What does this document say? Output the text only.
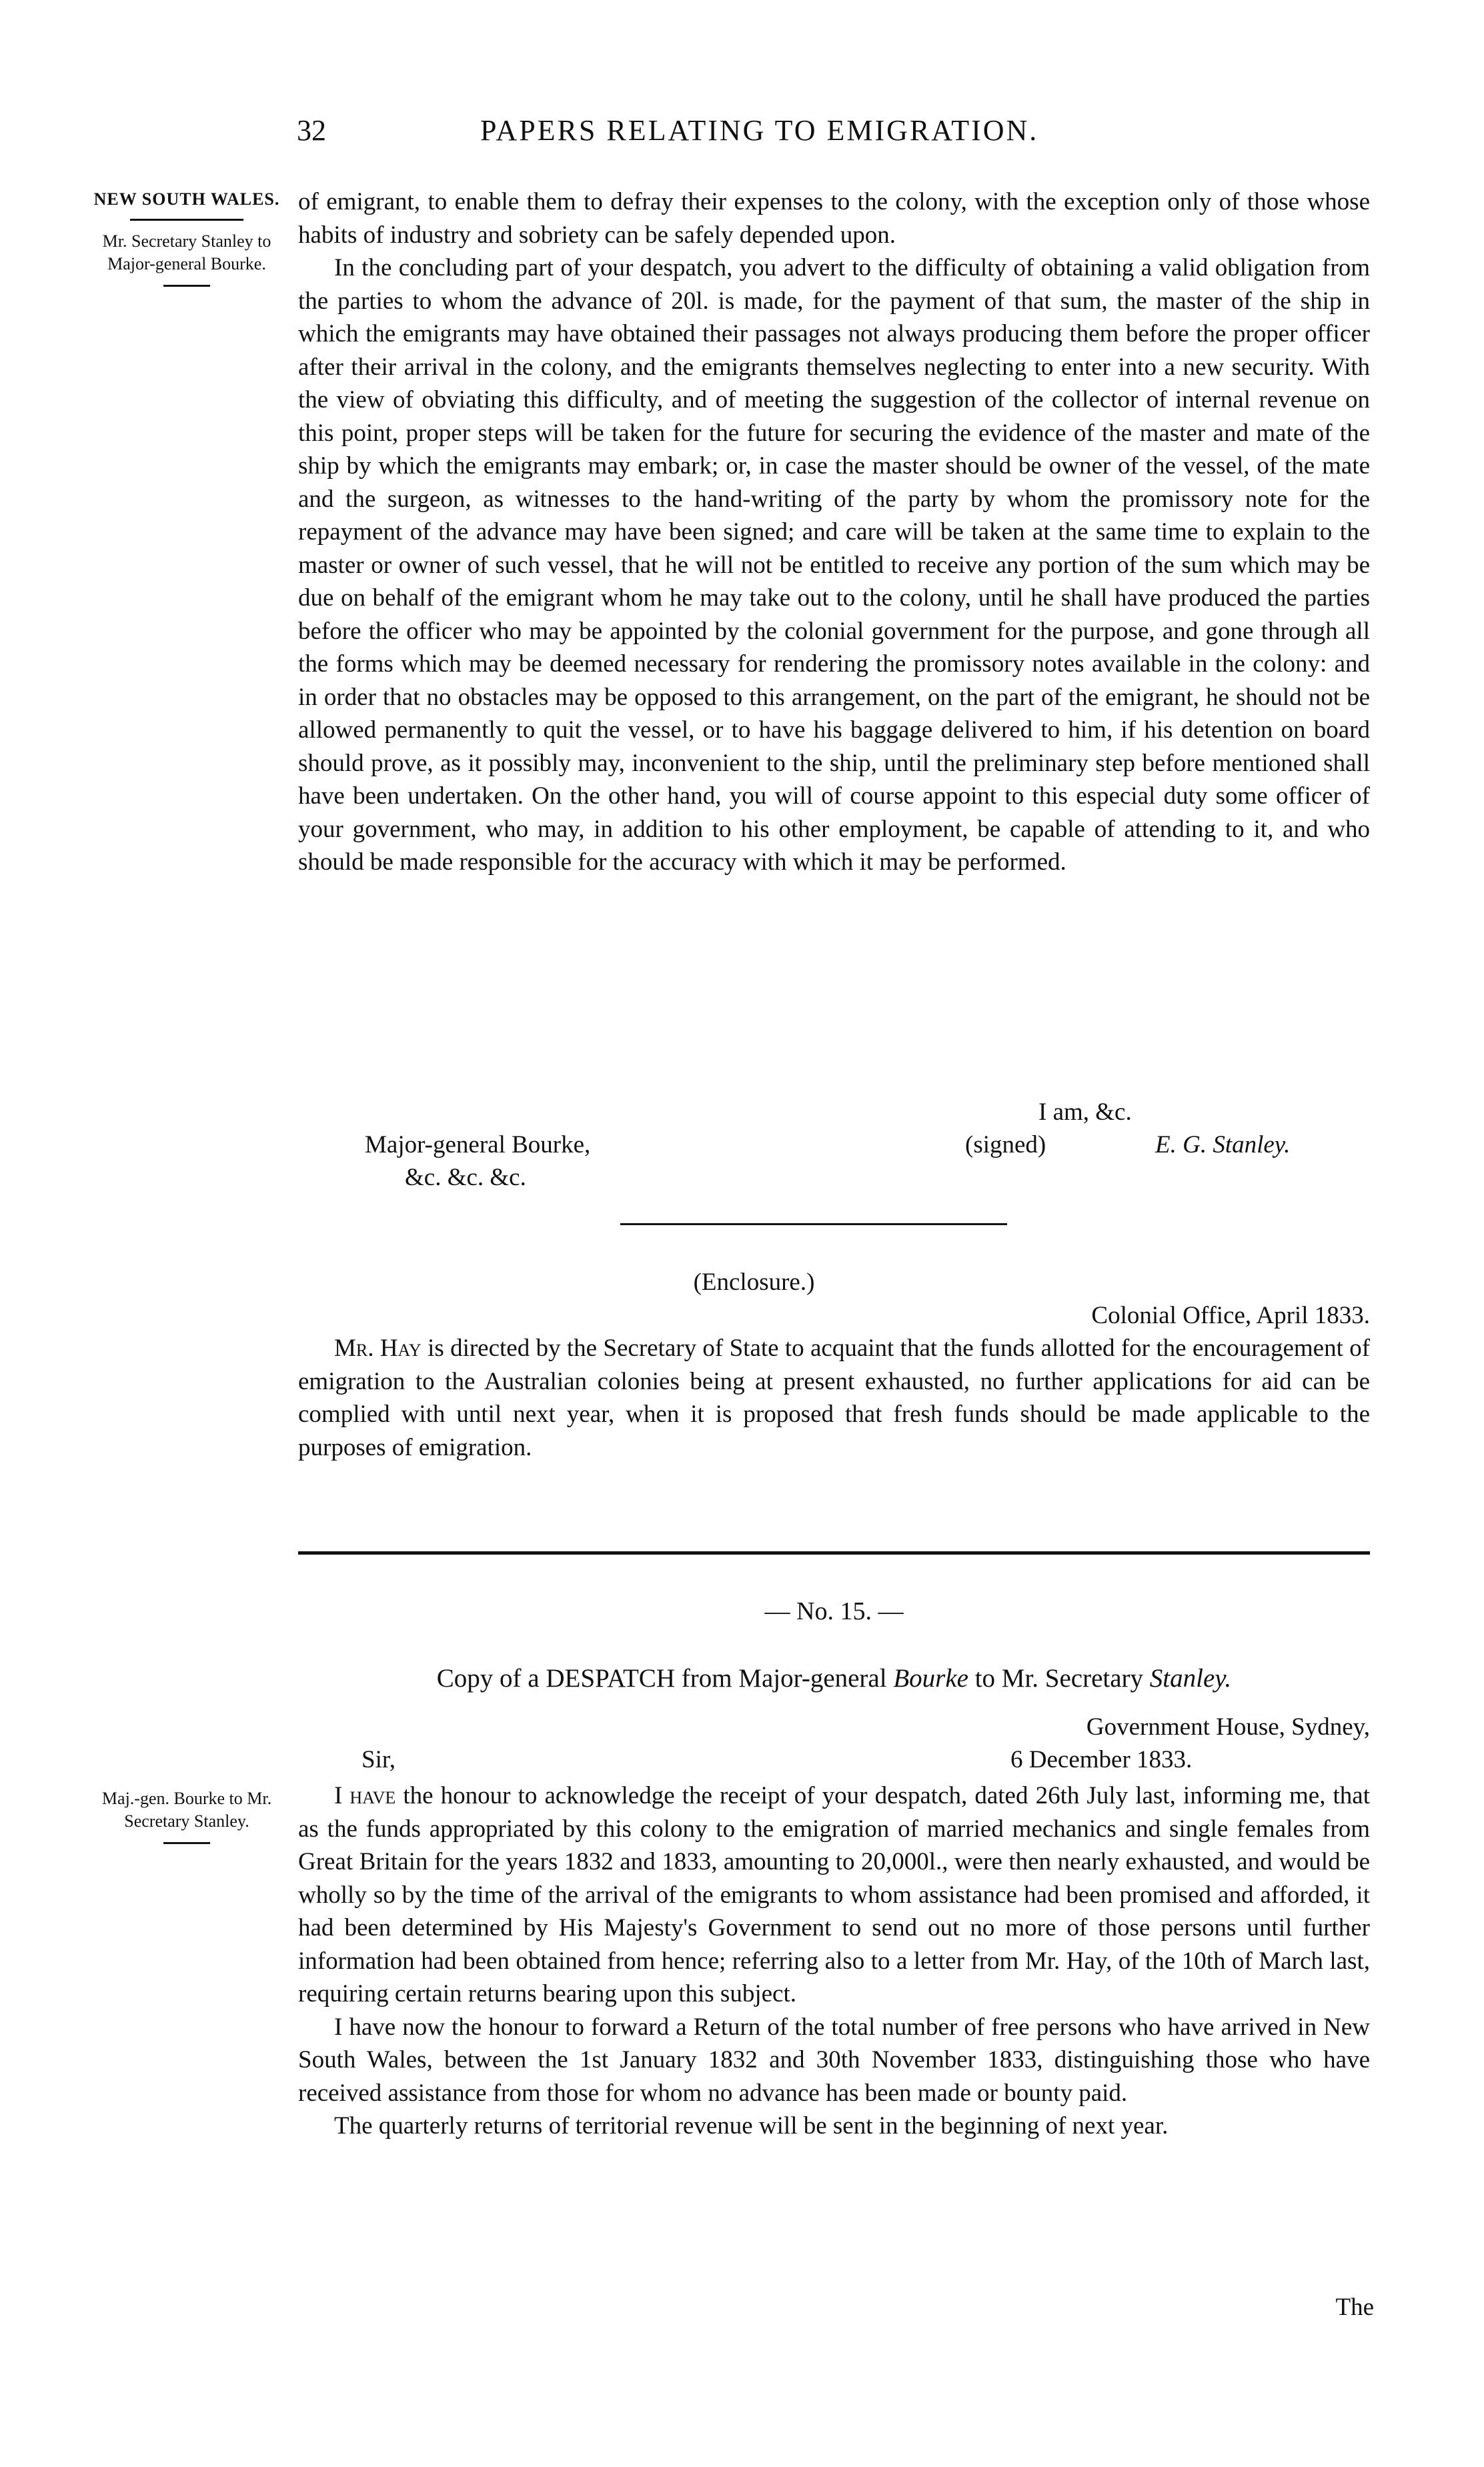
32	PAPERS RELATING TO EMIGRATION.
NEW SOUTH WALES.
Mr. Secretary Stanley to Major-general Bourke.

of emigrant, to enable them to defray their expenses to the colony, with the exception only of those whose habits of industry and sobriety can be safely depended upon.

In the concluding part of your despatch, you advert to the difficulty of obtaining a valid obligation from the parties to whom the advance of 20l. is made, for the payment of that sum, the master of the ship in which the emigrants may have obtained their passages not always producing them before the proper officer after their arrival in the colony, and the emigrants themselves neglecting to enter into a new security. With the view of obviating this difficulty, and of meeting the suggestion of the collector of internal revenue on this point, proper steps will be taken for the future for securing the evidence of the master and mate of the ship by which the emigrants may embark; or, in case the master should be owner of the vessel, of the mate and the surgeon, as witnesses to the hand-writing of the party by whom the promissory note for the repayment of the advance may have been signed; and care will be taken at the same time to explain to the master or owner of such vessel, that he will not be entitled to receive any portion of the sum which may be due on behalf of the emigrant whom he may take out to the colony, until he shall have produced the parties before the officer who may be appointed by the colonial government for the purpose, and gone through all the forms which may be deemed necessary for rendering the promissory notes available in the colony: and in order that no obstacles may be opposed to this arrangement, on the part of the emigrant, he should not be allowed permanently to quit the vessel, or to have his baggage delivered to him, if his detention on board should prove, as it possibly may, inconvenient to the ship, until the preliminary step before mentioned shall have been undertaken. On the other hand, you will of course appoint to this especial duty some officer of your government, who may, in addition to his other employment, be capable of attending to it, and who should be made responsible for the accuracy with which it may be performed.

I am, &c.
Major-general Bourke,	(signed)	E. G. Stanley.
&c. &c. &c.
(Enclosure.)
Colonial Office, April 1833.

Mr. Hay is directed by the Secretary of State to acquaint that the funds allotted for the encouragement of emigration to the Australian colonies being at present exhausted, no further applications for aid can be complied with until next year, when it is proposed that fresh funds should be made applicable to the purposes of emigration.

— No. 15. —
Copy of a DESPATCH from Major-general Bourke to Mr. Secretary Stanley.
Government House, Sydney,
Sir,	6 December 1833.
Maj.-gen. Bourke to Mr. Secretary Stanley.

I have the honour to acknowledge the receipt of your despatch, dated 26th July last, informing me, that as the funds appropriated by this colony to the emigration of married mechanics and single females from Great Britain for the years 1832 and 1833, amounting to 20,000l., were then nearly exhausted, and would be wholly so by the time of the arrival of the emigrants to whom assistance had been promised and afforded, it had been determined by His Majesty's Government to send out no more of those persons until further information had been obtained from hence; referring also to a letter from Mr. Hay, of the 10th of March last, requiring certain returns bearing upon this subject.

I have now the honour to forward a Return of the total number of free persons who have arrived in New South Wales, between the 1st January 1832 and 30th November 1833, distinguishing those who have received assistance from those for whom no advance has been made or bounty paid.

The quarterly returns of territorial revenue will be sent in the beginning of next year.

The
